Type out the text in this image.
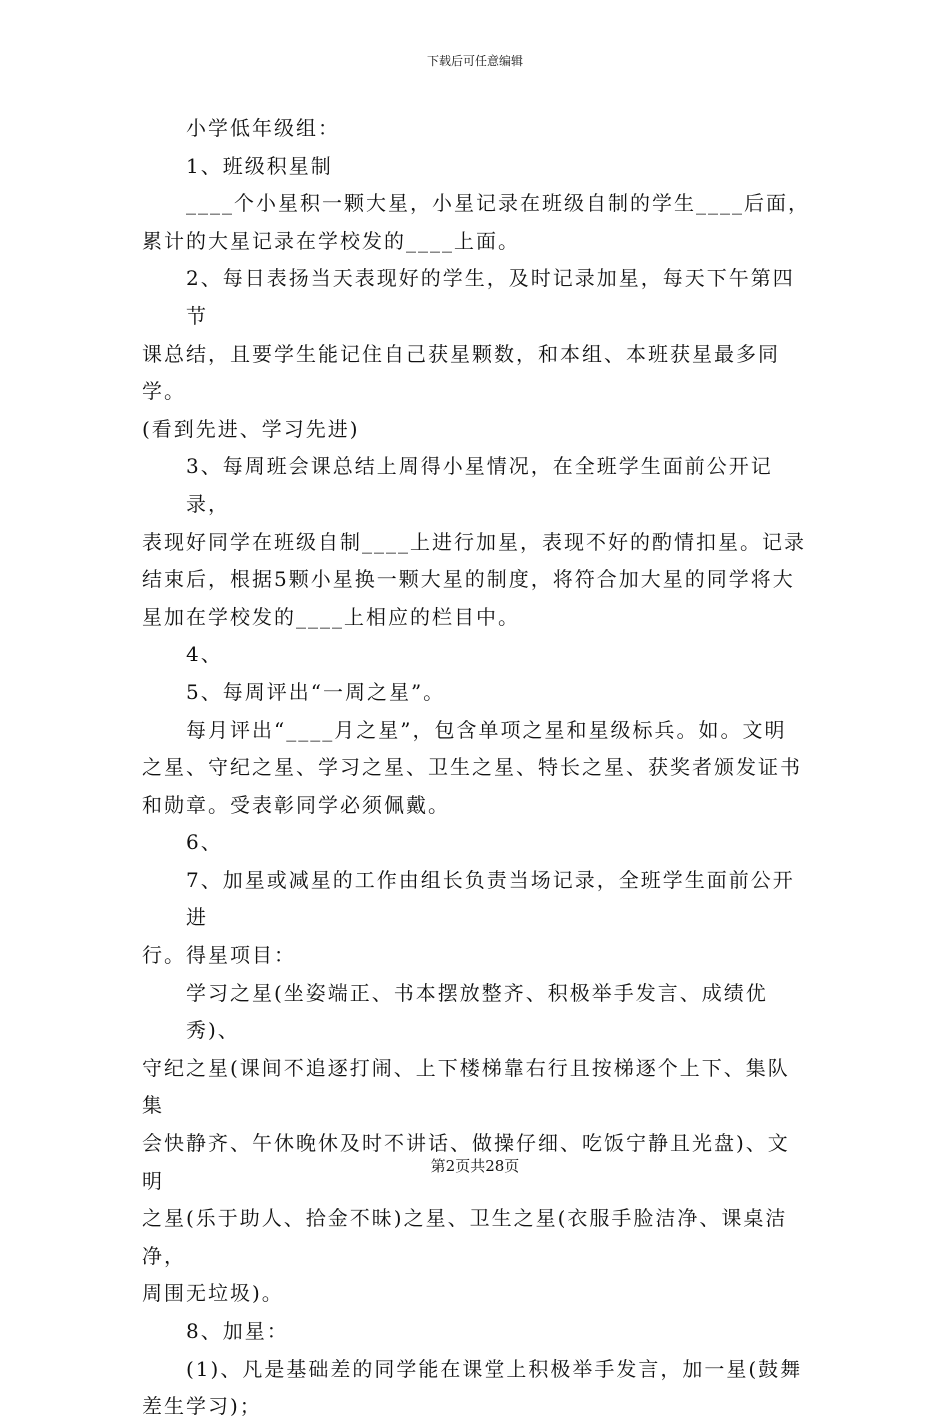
下载后可任意编辑

小学低年级组：

1、班级积星制

____个小星积一颗大星，小星记录在班级自制的学生____后面，

累计的大星记录在学校发的____上面。

2、每日表扬当天表现好的学生，及时记录加星，每天下午第四节

课总结，且要学生能记住自己获星颗数，和本组、本班获星最多同学。

(看到先进、学习先进)

3、每周班会课总结上周得小星情况，在全班学生面前公开记录，

表现好同学在班级自制____上进行加星，表现不好的酌情扣星。记录

结束后，根据5颗小星换一颗大星的制度，将符合加大星的同学将大

星加在学校发的____上相应的栏目中。

4、

5、每周评出“一周之星”。

每月评出“____月之星”，包含单项之星和星级标兵。如。文明

之星、守纪之星、学习之星、卫生之星、特长之星、获奖者颁发证书

和勋章。受表彰同学必须佩戴。

6、

7、加星或减星的工作由组长负责当场记录，全班学生面前公开进

行。得星项目：

学习之星(坐姿端正、书本摆放整齐、积极举手发言、成绩优秀)、

守纪之星(课间不追逐打闹、上下楼梯靠右行且按梯逐个上下、集队集

会快静齐、午休晚休及时不讲话、做操仔细、吃饭宁静且光盘)、文明

之星(乐于助人、拾金不昧)之星、卫生之星(衣服手脸洁净、课桌洁净，

周围无垃圾)。

8、加星：

(1)、凡是基础差的同学能在课堂上积极举手发言，加一星(鼓舞

差生学习)；

第2页共28页
